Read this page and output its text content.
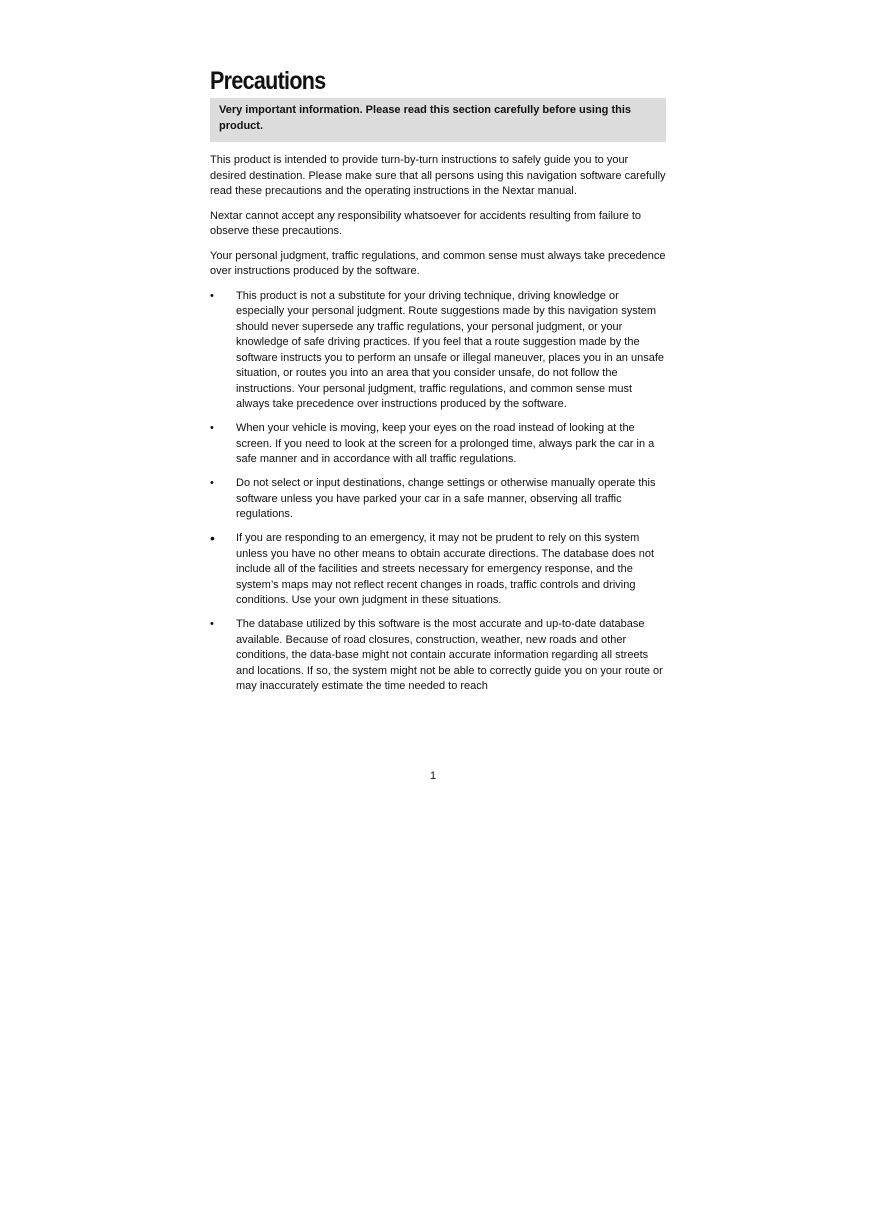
Precautions
Very important information. Please read this section carefully before using this product.

This product is intended to provide turn-by-turn instructions to safely guide you to your desired destination. Please make sure that all persons using this navigation software carefully read these precautions and the operating instructions in the Nextar manual.

Nextar cannot accept any responsibility whatsoever for accidents resulting from failure to observe these precautions.

Your personal judgment, traffic regulations, and common sense must always take precedence over instructions produced by the software.

• This product is not a substitute for your driving technique, driving knowledge or especially your personal judgment. Route suggestions made by this navigation system should never supersede any traffic regulations, your personal judgment, or your knowledge of safe driving practices. If you feel that a route suggestion made by the software instructs you to perform an unsafe or illegal maneuver, places you in an unsafe situation, or routes you into an area that you consider unsafe, do not follow the instructions. Your personal judgment, traffic regulations, and common sense must always take precedence over instructions produced by the software.
• When your vehicle is moving, keep your eyes on the road instead of looking at the screen. If you need to look at the screen for a prolonged time, always park the car in a safe manner and in accordance with all traffic regulations.
• Do not select or input destinations, change settings or otherwise manually operate this software unless you have parked your car in a safe manner, observing all traffic regulations.
• If you are responding to an emergency, it may not be prudent to rely on this system unless you have no other means to obtain accurate directions. The database does not include all of the facilities and streets necessary for emergency response, and the system’s maps may not reflect recent changes in roads, traffic controls and driving conditions. Use your own judgment in these situations.
• The database utilized by this software is the most accurate and up-to-date database available. Because of road closures, construction, weather, new roads and other conditions, the data-base might not contain accurate information regarding all streets and locations. If so, the system might not be able to correctly guide you on your route or may inaccurately estimate the time needed to reach
1
